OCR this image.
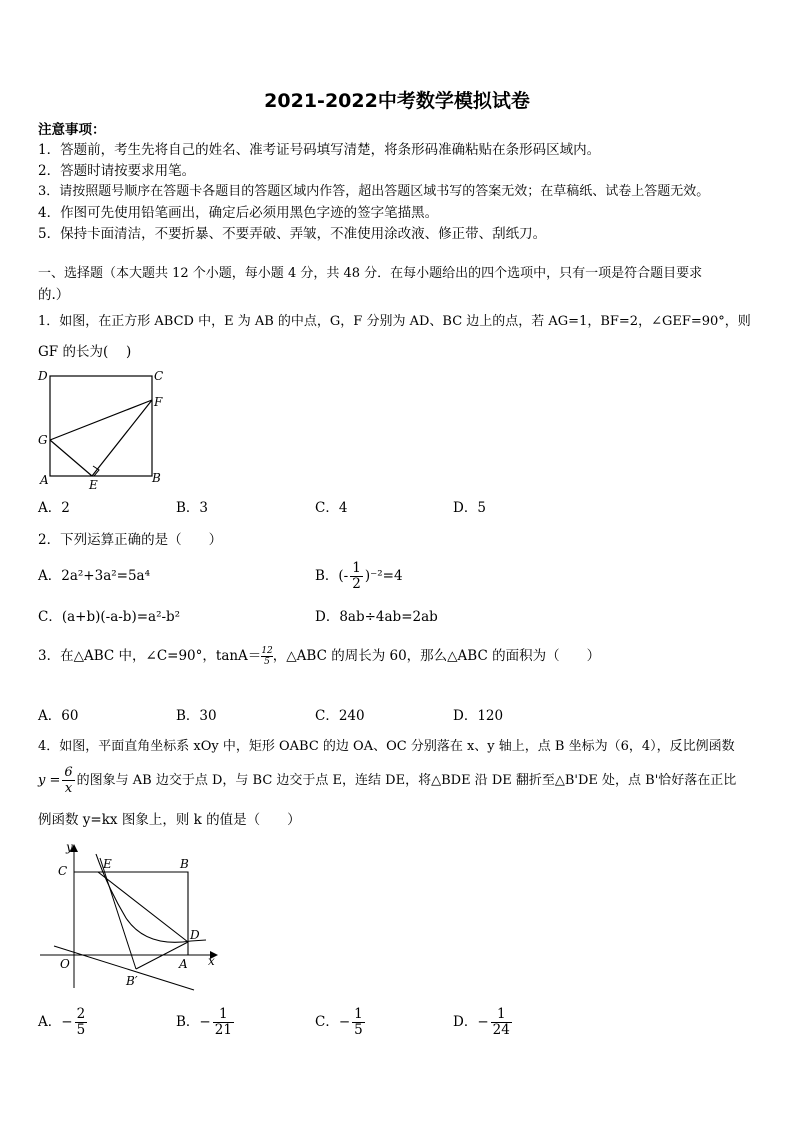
2021-2022中考数学模拟试卷
注意事项：
1．答题前，考生先将自己的姓名、准考证号码填写清楚，将条形码准确粘贴在条形码区域内。
2．答题时请按要求用笔。
3．请按照题号顺序在答题卡各题目的答题区域内作答，超出答题区域书写的答案无效；在草稿纸、试卷上答题无效。
4．作图可先使用铅笔画出，确定后必须用黑色字迹的签字笔描黑。
5．保持卡面清洁，不要折暴、不要弄破、弄皱，不准使用涂改液、修正带、刮纸刀。
一、选择题（本大题共 12 个小题，每小题 4 分，共 48 分．在每小题给出的四个选项中，只有一项是符合题目要求
的.）
1．如图，在正方形 ABCD 中，E 为 AB 的中点，G，F 分别为 AD、BC 边上的点，若 AG=1，BF=2，∠GEF=90°，则
GF 的长为(　 )
D	C
F
G
A	B
E
A．2	B．3	C．4	D．5
2．下列运算正确的是（　　）
A．2a²+3a²=5a⁴	B．(- $\frac{1}{2} )^{-2}=4$
C．(a+b)(-a-b)=a²-b²	D．8ab÷4ab=2ab
3．在△ABC 中，∠C=90°，$\tan A= \frac{12}{5}$，△ABC 的周长为 60，那么△ABC 的面积为（　　）
A．60	B．30	C．240	D．120
4．如图，平面直角坐标系 xOy 中，矩形 OABC 的边 OA、OC 分别落在 x、y 轴上，点 B 坐标为（6，4），反比例函数
$y = \frac{6}{x}$ 的图象与 AB 边交于点 D，与 BC 边交于点 E，连结 DE，将△BDE 沿 DE 翻折至△B'DE 处，点 B'恰好落在正比
例函数 y=kx 图象上，则 k 的值是（　　）
y
x
O	A
B
C
D
E
B′
A．− $\frac{2}{5}$	B．− $\frac{1}{21}$	C．− $\frac{1}{5}$	D．− $\frac{1}{24}$
